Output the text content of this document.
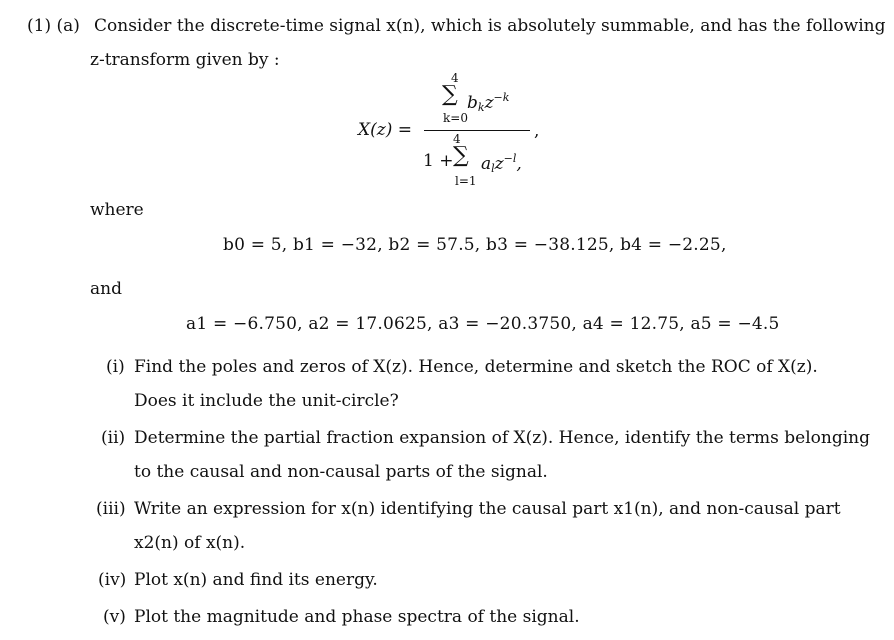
(1) (a) Consider the discrete-time signal x(n), which is absolutely summable, and has the following
z-transform given by :
X(z) =
4
∑
k=0
$b_kz^{-k}$
,
4
1 + ∑
l=1
$a_lz^{-l}$,
where
b0 = 5, b1 = −32, b2 = 57.5, b3 = −38.125, b4 = −2.25,
and
a1 = −6.750, a2 = 17.0625, a3 = −20.3750, a4 = 12.75, a5 = −4.5
(i) Find the poles and zeros of X(z). Hence, determine and sketch the ROC of X(z).
Does it include the unit-circle?
(ii) Determine the partial fraction expansion of X(z). Hence, identify the terms belonging
to the causal and non-causal parts of the signal.
(iii) Write an expression for x(n) identifying the causal part x1(n), and non-causal part
x2(n) of x(n).
(iv) Plot x(n) and find its energy.
(v) Plot the magnitude and phase spectra of the signal.
